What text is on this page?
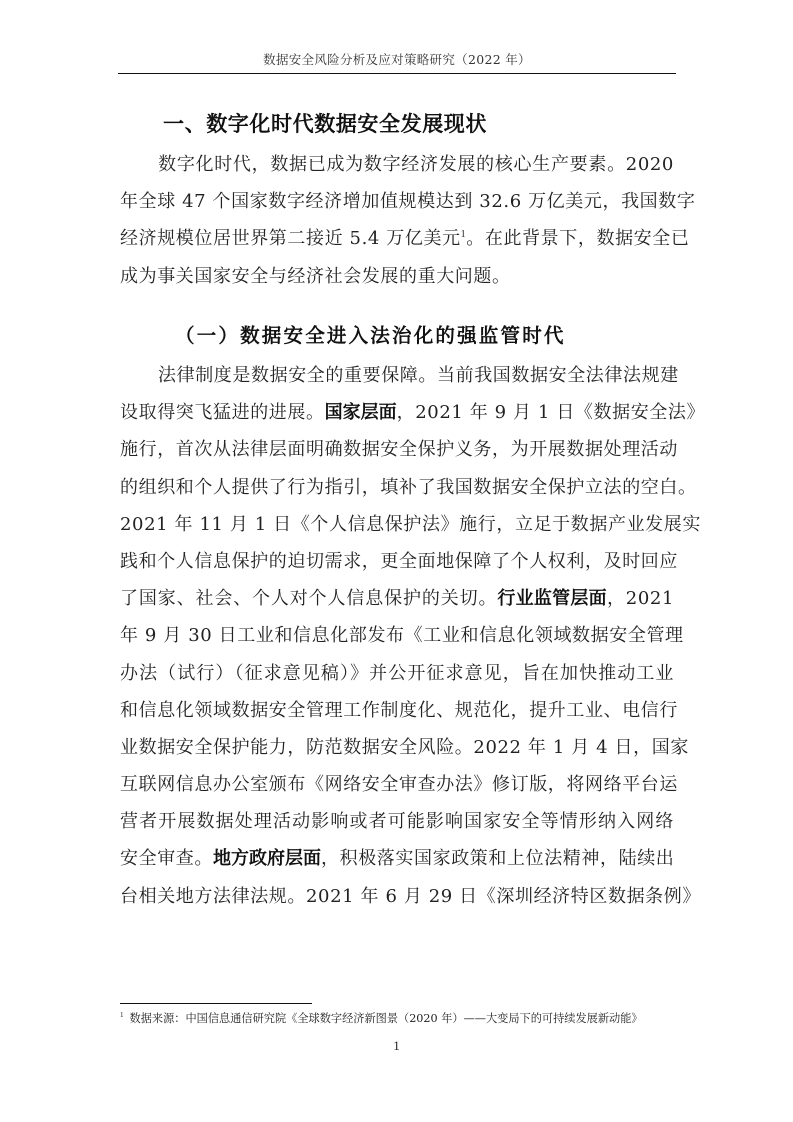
数据安全风险分析及应对策略研究（2022 年）
一、数字化时代数据安全发展现状
数字化时代，数据已成为数字经济发展的核心生产要素。2020
年全球 47 个国家数字经济增加值规模达到 32.6 万亿美元，我国数字
经济规模位居世界第二接近 5.4 万亿美元$^1$。在此背景下，数据安全已
成为事关国家安全与经济社会发展的重大问题。
（一）数据安全进入法治化的强监管时代
法律制度是数据安全的重要保障。当前我国数据安全法律法规建
设取得突飞猛进的进展。国家层面，2021 年 9 月 1 日《数据安全法》
施行，首次从法律层面明确数据安全保护义务，为开展数据处理活动
的组织和个人提供了行为指引，填补了我国数据安全保护立法的空白。
2021 年 11 月 1 日《个人信息保护法》施行，立足于数据产业发展实
践和个人信息保护的迫切需求，更全面地保障了个人权利，及时回应
了国家、社会、个人对个人信息保护的关切。行业监管层面，2021
年 9 月 30 日工业和信息化部发布《工业和信息化领域数据安全管理
办法（试行）（征求意见稿）》并公开征求意见，旨在加快推动工业
和信息化领域数据安全管理工作制度化、规范化，提升工业、电信行
业数据安全保护能力，防范数据安全风险。2022 年 1 月 4 日，国家
互联网信息办公室颁布《网络安全审查办法》修订版，将网络平台运
营者开展数据处理活动影响或者可能影响国家安全等情形纳入网络
安全审查。地方政府层面，积极落实国家政策和上位法精神，陆续出
台相关地方法律法规。2021 年 6 月 29 日《深圳经济特区数据条例》
$^1$ 数据来源：中国信息通信研究院《全球数字经济新图景（2020 年）——大变局下的可持续发展新动能》
1
